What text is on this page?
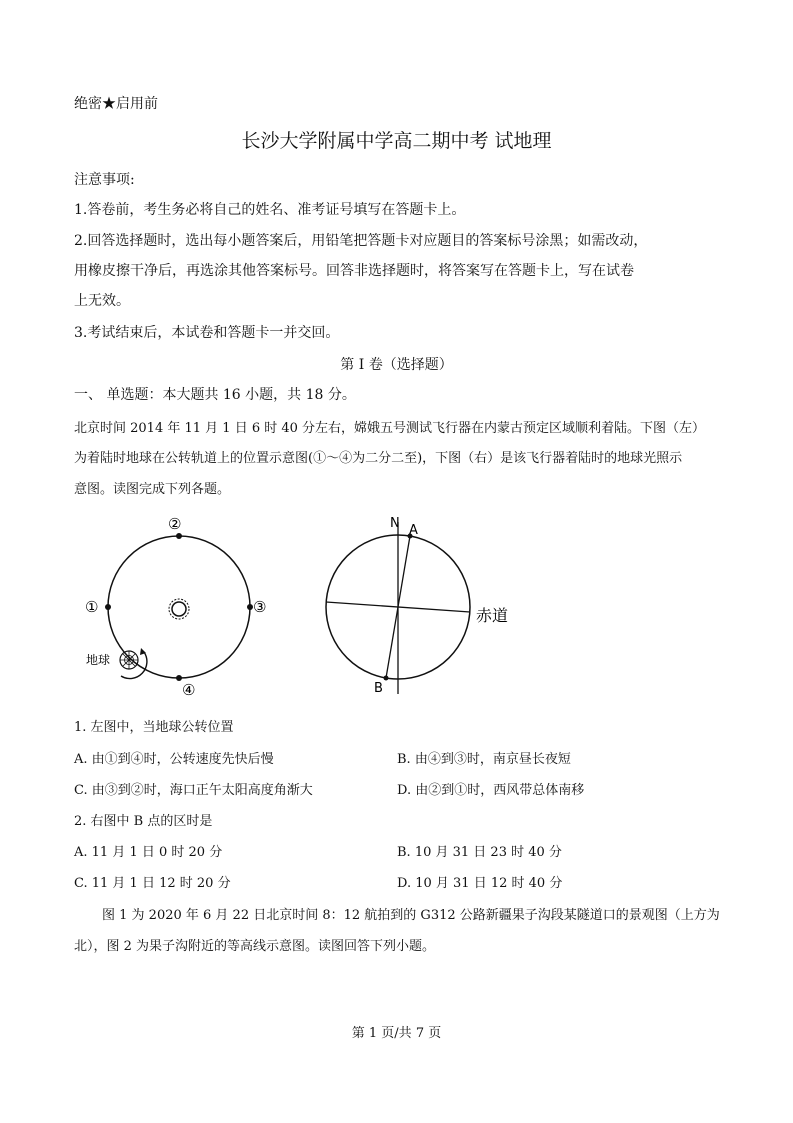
绝密★启用前
长沙大学附属中学高二期中考 试地理
注意事项:
1.答卷前，考生务必将自己的姓名、准考证号填写在答题卡上。
2.回答选择题时，选出每小题答案后，用铅笔把答题卡对应题目的答案标号涂黑；如需改动，
用橡皮擦干净后，再选涂其他答案标号。回答非选择题时，将答案写在答题卡上，写在试卷
上无效。
3.考试结束后，本试卷和答题卡一并交回。
第 I 卷（选择题）
一、 单选题：本大题共 16 小题，共 18 分。
北京时间 2014 年 11 月 1 日 6 时 40 分左右，嫦娥五号测试飞行器在内蒙古预定区域顺利着陆。下图（左）
为着陆时地球在公转轨道上的位置示意图(①～④为二分二至)，下图（右）是该飞行器着陆时的地球光照示
意图。读图完成下列各题。
①
②
③
④
地球
N A
B
赤道
1. 左图中，当地球公转位置
A. 由①到④时，公转速度先快后慢	B. 由④到③时，南京昼长夜短
C. 由③到②时，海口正午太阳高度角渐大	D. 由②到①时，西风带总体南移
2. 右图中 B 点的区时是
A. 11 月 1 日 0 时 20 分	B. 10 月 31 日 23 时 40 分
C. 11 月 1 日 12 时 20 分	D. 10 月 31 日 12 时 40 分
图 1 为 2020 年 6 月 22 日北京时间 8：12 航拍到的 G312 公路新疆果子沟段某隧道口的景观图（上方为
北），图 2 为果子沟附近的等高线示意图。读图回答下列小题。
第 1 页/共 7 页
